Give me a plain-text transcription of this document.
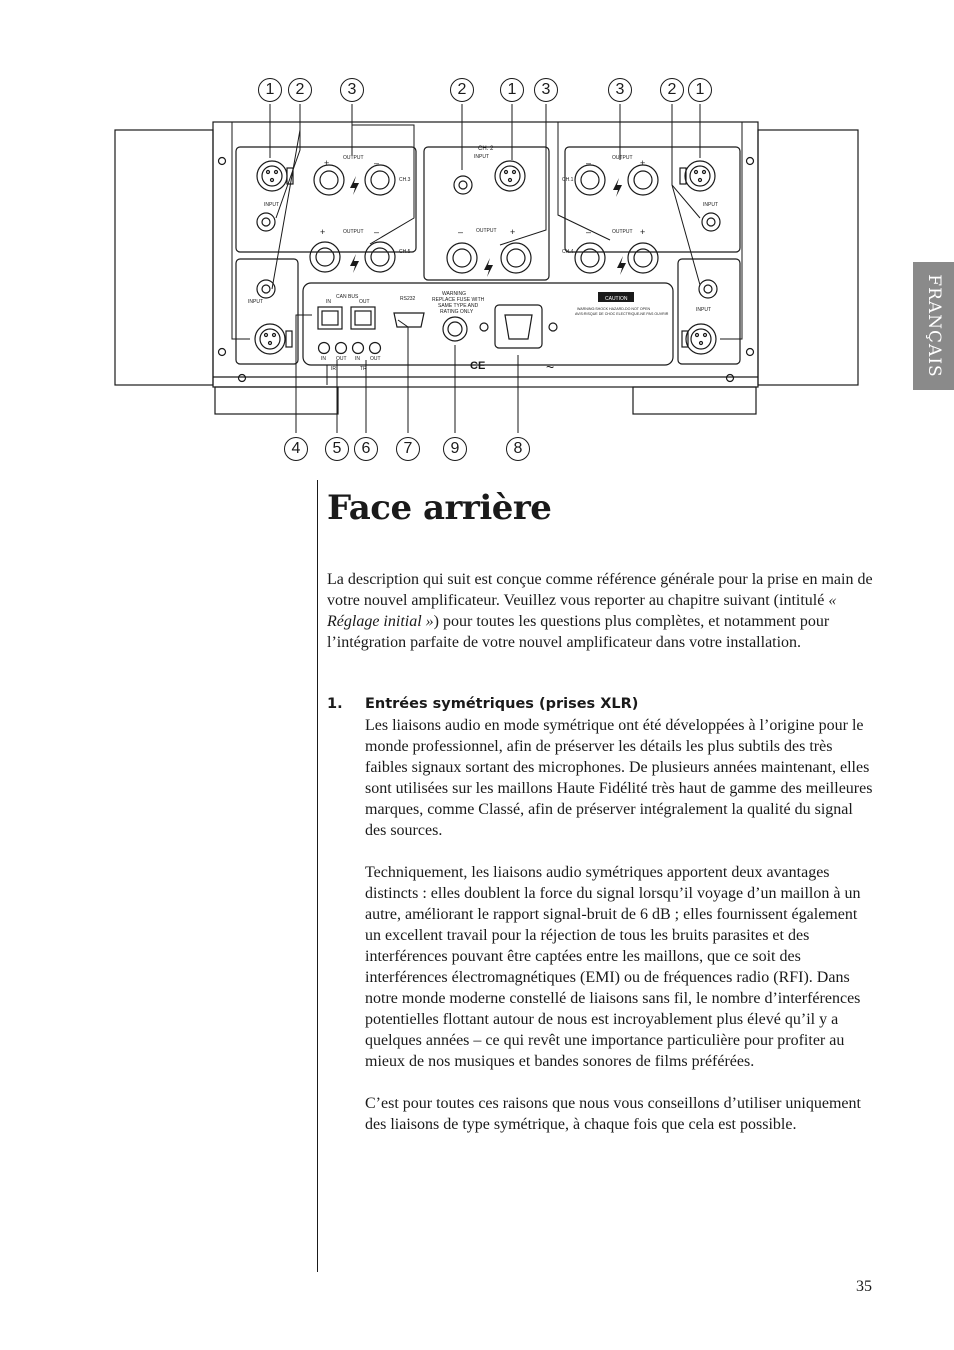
CH. 2
OUTPUT
CH.3
OUTPUT
CH.5
CH.1
CH.4
OUTPUT
OUTPUT
OUTPUT
INPUT
INPUT
INPUT
INPUT
INPUT
WARNING
REPLACE FUSE WITH
SAME TYPE AND
RATING ONLY
CAN BUS
IN	OUT	RS232
IN OUT IN OUT
IR	TR
CAUTION
WARNING:SHOCK HAZARD-DO NOT OPEN
AVIS:RISQUE DE CHOC ELECTRIQUE-NE PAS OUVRIR
CE	~
+	–
+	–	–	+
–	+
–	+
1	2	3	2	1	3	3	2	1
4	5	6	7	9	8
FRANÇAIS
Face arrière
La description qui suit est conçue comme référence générale pour la prise en main de votre nouvel amplificateur. Veuillez vous reporter au chapitre suivant (intitulé « Réglage initial ») pour toutes les questions plus complètes, et notamment pour l’intégration parfaite de votre nouvel amplificateur dans votre installation.
1. Entrées symétriques (prises XLR)

Les liaisons audio en mode symétrique ont été développées à l’origine pour le monde professionnel, afin de préserver les détails les plus subtils des très faibles signaux sortant des microphones. De plusieurs années maintenant, elles sont utilisées sur les maillons Haute Fidélité très haut de gamme des meilleures marques, comme Classé, afin de préserver intégralement la qualité du signal des sources.

Techniquement, les liaisons audio symétriques apportent deux avantages distincts : elles doublent la force du signal lorsqu’il voyage d’un maillon à un autre, améliorant le rapport signal-bruit de 6 dB ; elles fournissent également un excellent travail pour la réjection de tous les bruits parasites et des interférences pouvant être captées entre les maillons, que ce soit des interférences électromagnétiques (EMI) ou de fréquences radio (RFI). Dans notre monde moderne constellé de liaisons sans fil, le nombre d’interférences potentielles flottant autour de nous est incroyablement plus élevé qu’il y a quelques années – ce qui revêt une importance particulière pour profiter au mieux de nos musiques et bandes sonores de films préférées.

C’est pour toutes ces raisons que nous vous conseillons d’utiliser uniquement des liaisons de type symétrique, à chaque fois que cela est possible.

35
